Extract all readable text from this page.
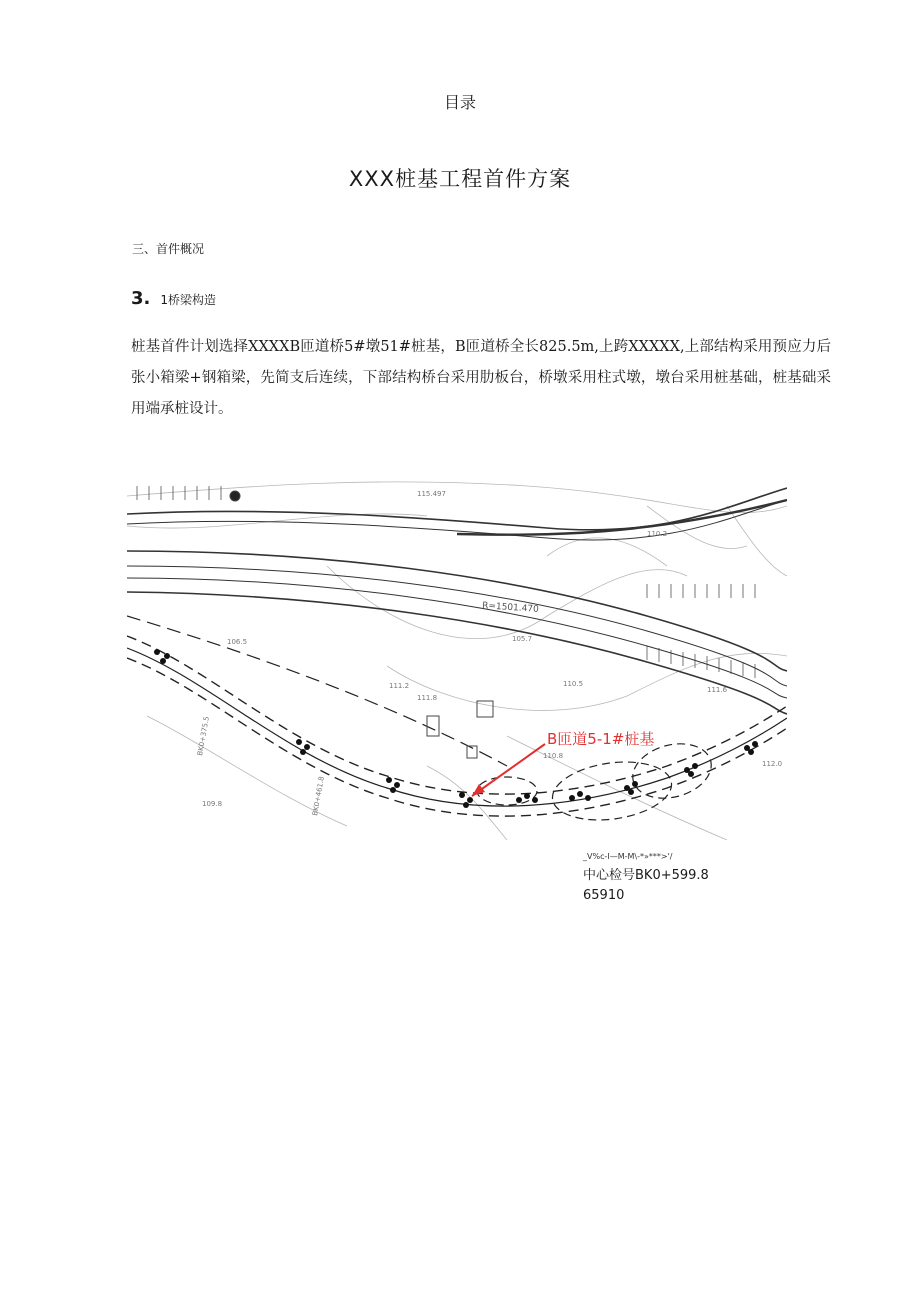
目录
XXX桩基工程首件方案
三、首件概况
3. 1桥梁构造
桩基首件计划选择XXXXB匝道桥5#墩51#桩基，B匝道桥全长825.5m,上跨XXXXX,上部结构采用预应力后张小箱梁+钢箱梁，先简支后连续，下部结构桥台采用肋板台，桥墩采用柱式墩，墩台采用桩基础，桩基础采用端承桩设计。
B匝道5-1#桩基
R=1501.470
110.2
115.497
111.8
110.5
105.7
111.2
106.5
111.6
109.8
112.0
110.8
BK0+461.8
BK0+375.5
_V%c-I—M-M\-*»***>'/
中心检号BK0+599.8
65910
